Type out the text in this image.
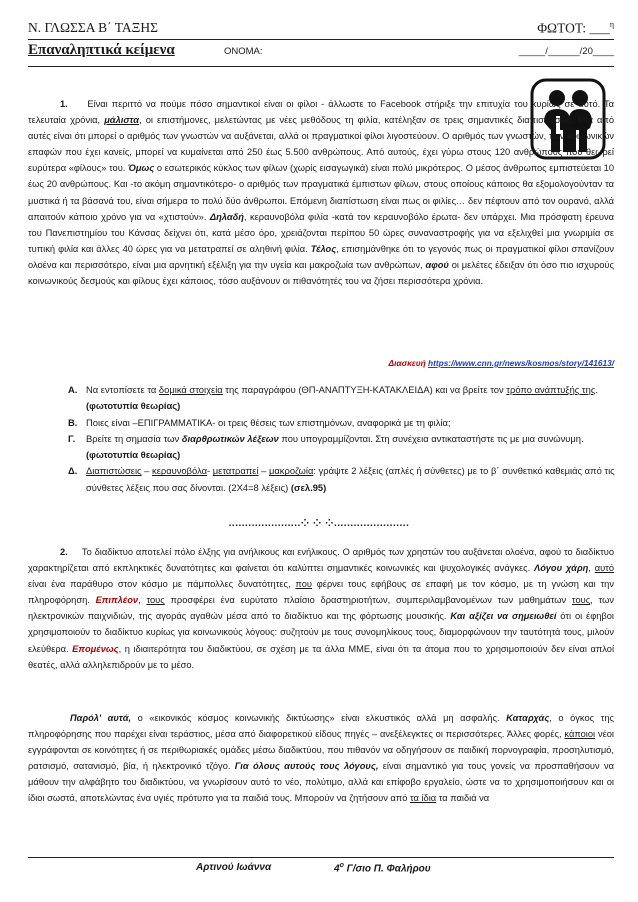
Ν. ΓΛΩΣΣΑ Β΄ ΤΑΞΗΣ	ΦΩΤΟΤ: ___$^\eta$
Επαναληπτικά κείμενα	ΟΝΟΜΑ:	_____/______/20____
1. Είναι περιττό να πούμε πόσο σημαντικοί είναι οι φίλοι - άλλωστε το Facebook στήριξε την επιτυχία του κυρίως σε αυτό. Τα τελευταία χρόνια, μάλιστα, οι επιστήμονες, μελετώντας με νέες μεθόδους τη φιλία, κατέληξαν σε τρεις σημαντικές διαπιστώσεις. Μια από αυτές είναι ότι μπορεί ο αριθμός των γνωστών να αυξάνεται, αλλά οι πραγματικοί φίλοι λιγοστεύουν. Ο αριθμός των γνωστών, των κοινωνικών επαφών που έχει κανείς, μπορεί να κυμαίνεται από 250 έως 5.500 ανθρώπους. Από αυτούς, έχει γύρω στους 120 ανθρώπους που θεωρεί ευρύτερα «φίλους» του. Όμως ο εσωτερικός κύκλος των φίλων (χωρίς εισαγωγικά) είναι πολύ μικρότερος. Ο μέσος άνθρωπος εμπιστεύεται 10 έως 20 ανθρώπους. Και -το ακόμη σημαντικότερο- ο αριθμός των πραγματικά έμπιστων φίλων, στους οποίους κάποιος θα εξομολογούνταν τα μυστικά ή τα βάσανά του, είναι σήμερα το πολύ δύο άνθρωποι. Επόμενη διαπίστωση είναι πως οι φιλίες… δεν πέφτουν από τον ουρανό, αλλά απαιτούν κάποιο χρόνο για να «χτιστούν». Δηλαδή, κεραυνοβόλα φιλία -κατά τον κεραυνοβόλο έρωτα- δεν υπάρχει. Μια πρόσφατη έρευνα του Πανεπιστημίου του Κάνσας δείχνει ότι, κατά μέσο όρο, χρειάζονται περίπου 50 ώρες συναναστροφής για να εξελιχθεί μια γνωριμία σε τυπική φιλία και άλλες 40 ώρες για να μετατραπεί σε αληθινή φιλία. Τέλος, επισημάνθηκε ότι το γεγονός πως οι πραγματικοί φίλοι σπανίζουν ολοένα και περισσότερο, είναι μια αρνητική εξέλιξη για την υγεία και μακροζωία των ανθρώπων, αφού οι μελέτες έδειξαν ότι όσο πιο ισχυρούς κοινωνικούς δεσμούς και φίλους έχει κάποιος, τόσο αυξάνουν οι πιθανότητές του να ζήσει περισσότερα χρόνια.
Διασκευή https://www.cnn.gr/news/kosmos/story/141613/
Α. Να εντοπίσετε τα δομικά στοιχεία της παραγράφου (ΘΠ-ΑΝΑΠΤΥΞΗ-ΚΑΤΑΚΛΕΙΔΑ) και να βρείτε τον τρόπο ανάπτυξής της. (φωτοτυπία θεωρίας)
Β. Ποιες είναι –ΕΠΙΓΡΑΜΜΑΤΙΚΑ- οι τρεις θέσεις των επιστημόνων, αναφορικά με τη φιλία;
Γ. Βρείτε τη σημασία των διαρθρωτικών λέξεων που υπογραμμίζονται. Στη συνέχεια αντικαταστήστε τις με μια συνώνυμη. (φωτοτυπία θεωρίας)
Δ. Διαπιστώσεις – κεραυνοβόλα- μετατραπεί – μακροζωία: γράψτε 2 λέξεις (απλές ή σύνθετες) με το β΄ συνθετικό καθεμιάς από τις σύνθετες λέξεις που σας δίνονται. (2Χ4=8 λέξεις) (σελ.95)
......................⁘ ⁘ ⁘.......................
2. Το διαδίκτυο αποτελεί πόλο έλξης για ανήλικους και ενήλικους. Ο αριθμός των χρηστών του αυξάνεται ολοένα, αφού το διαδίκτυο χαρακτηρίζεται από εκπληκτικές δυνατότητες και φαίνεται ότι καλύπτει σημαντικές κοινωνικές και ψυχολογικές ανάγκες. Λόγου χάρη, αυτό είναι ένα παράθυρο στον κόσμο με πάμπολλες δυνατότητες, που φέρνει τους εφήβους σε επαφή με τον κόσμο, με τη γνώση και την πληροφόρηση. Επιπλέον, τους προσφέρει ένα ευρύτατο πλαίσιο δραστηριοτήτων, συμπεριλαμβανομένων των μαθημάτων τους, των ηλεκτρονικών παιχνιδιών, της αγοράς αγαθών μέσα από το διαδίκτυο και της φόρτωσης μουσικής. Και αξίζει να σημειωθεί ότι οι έφηβοι χρησιμοποιούν το διαδίκτυο κυρίως για κοινωνικούς λόγους: συζητούν με τους συνομηλίκους τους, διαμορφώνουν την ταυτότητά τους, μιλούν ελεύθερα. Επομένως, η ιδιαιτερότητα του διαδικτύου, σε σχέση με τα άλλα ΜΜΕ, είναι ότι τα άτομα που το χρησιμοποιούν δεν είναι απλοί θεατές, αλλά αλληλεπιδρούν με το μέσο.
Παρόλ' αυτά, ο «εικονικός κόσμος κοινωνικής δικτύωσης» είναι ελκυστικός αλλά μη ασφαλής. Καταρχάς, ο όγκος της πληροφόρησης που παρέχει είναι τεράστιος, μέσα από διαφορετικού είδους πηγές – ανεξέλεγκτες οι περισσότερες. Άλλες φορές, κάποιοι νέοι εγγράφονται σε κοινότητες ή σε περιθωριακές ομάδες μέσω διαδικτύου, που πιθανόν να οδηγήσουν σε παιδική πορνογραφία, προσηλυτισμό, ρατσισμό, σατανισμό, βία, ή ηλεκτρονικό τζόγο. Για όλους αυτούς τους λόγους, είναι σημαντικό για τους γονείς να προσπαθήσουν να μάθουν την αλφάβητο του διαδικτύου, να γνωρίσουν αυτό το νέο, πολύτιμο, αλλά και επίφοβο εργαλείο, ώστε να το χρησιμοποιήσουν και οι ίδιοι σωστά, αποτελώντας ένα υγιές πρότυπο για τα παιδιά τους. Μπορούν να ζητήσουν από τα ίδια τα παιδιά να
Αρτινού Ιωάννα	$4^o$ Γ/σιο Π. Φαλήρου
